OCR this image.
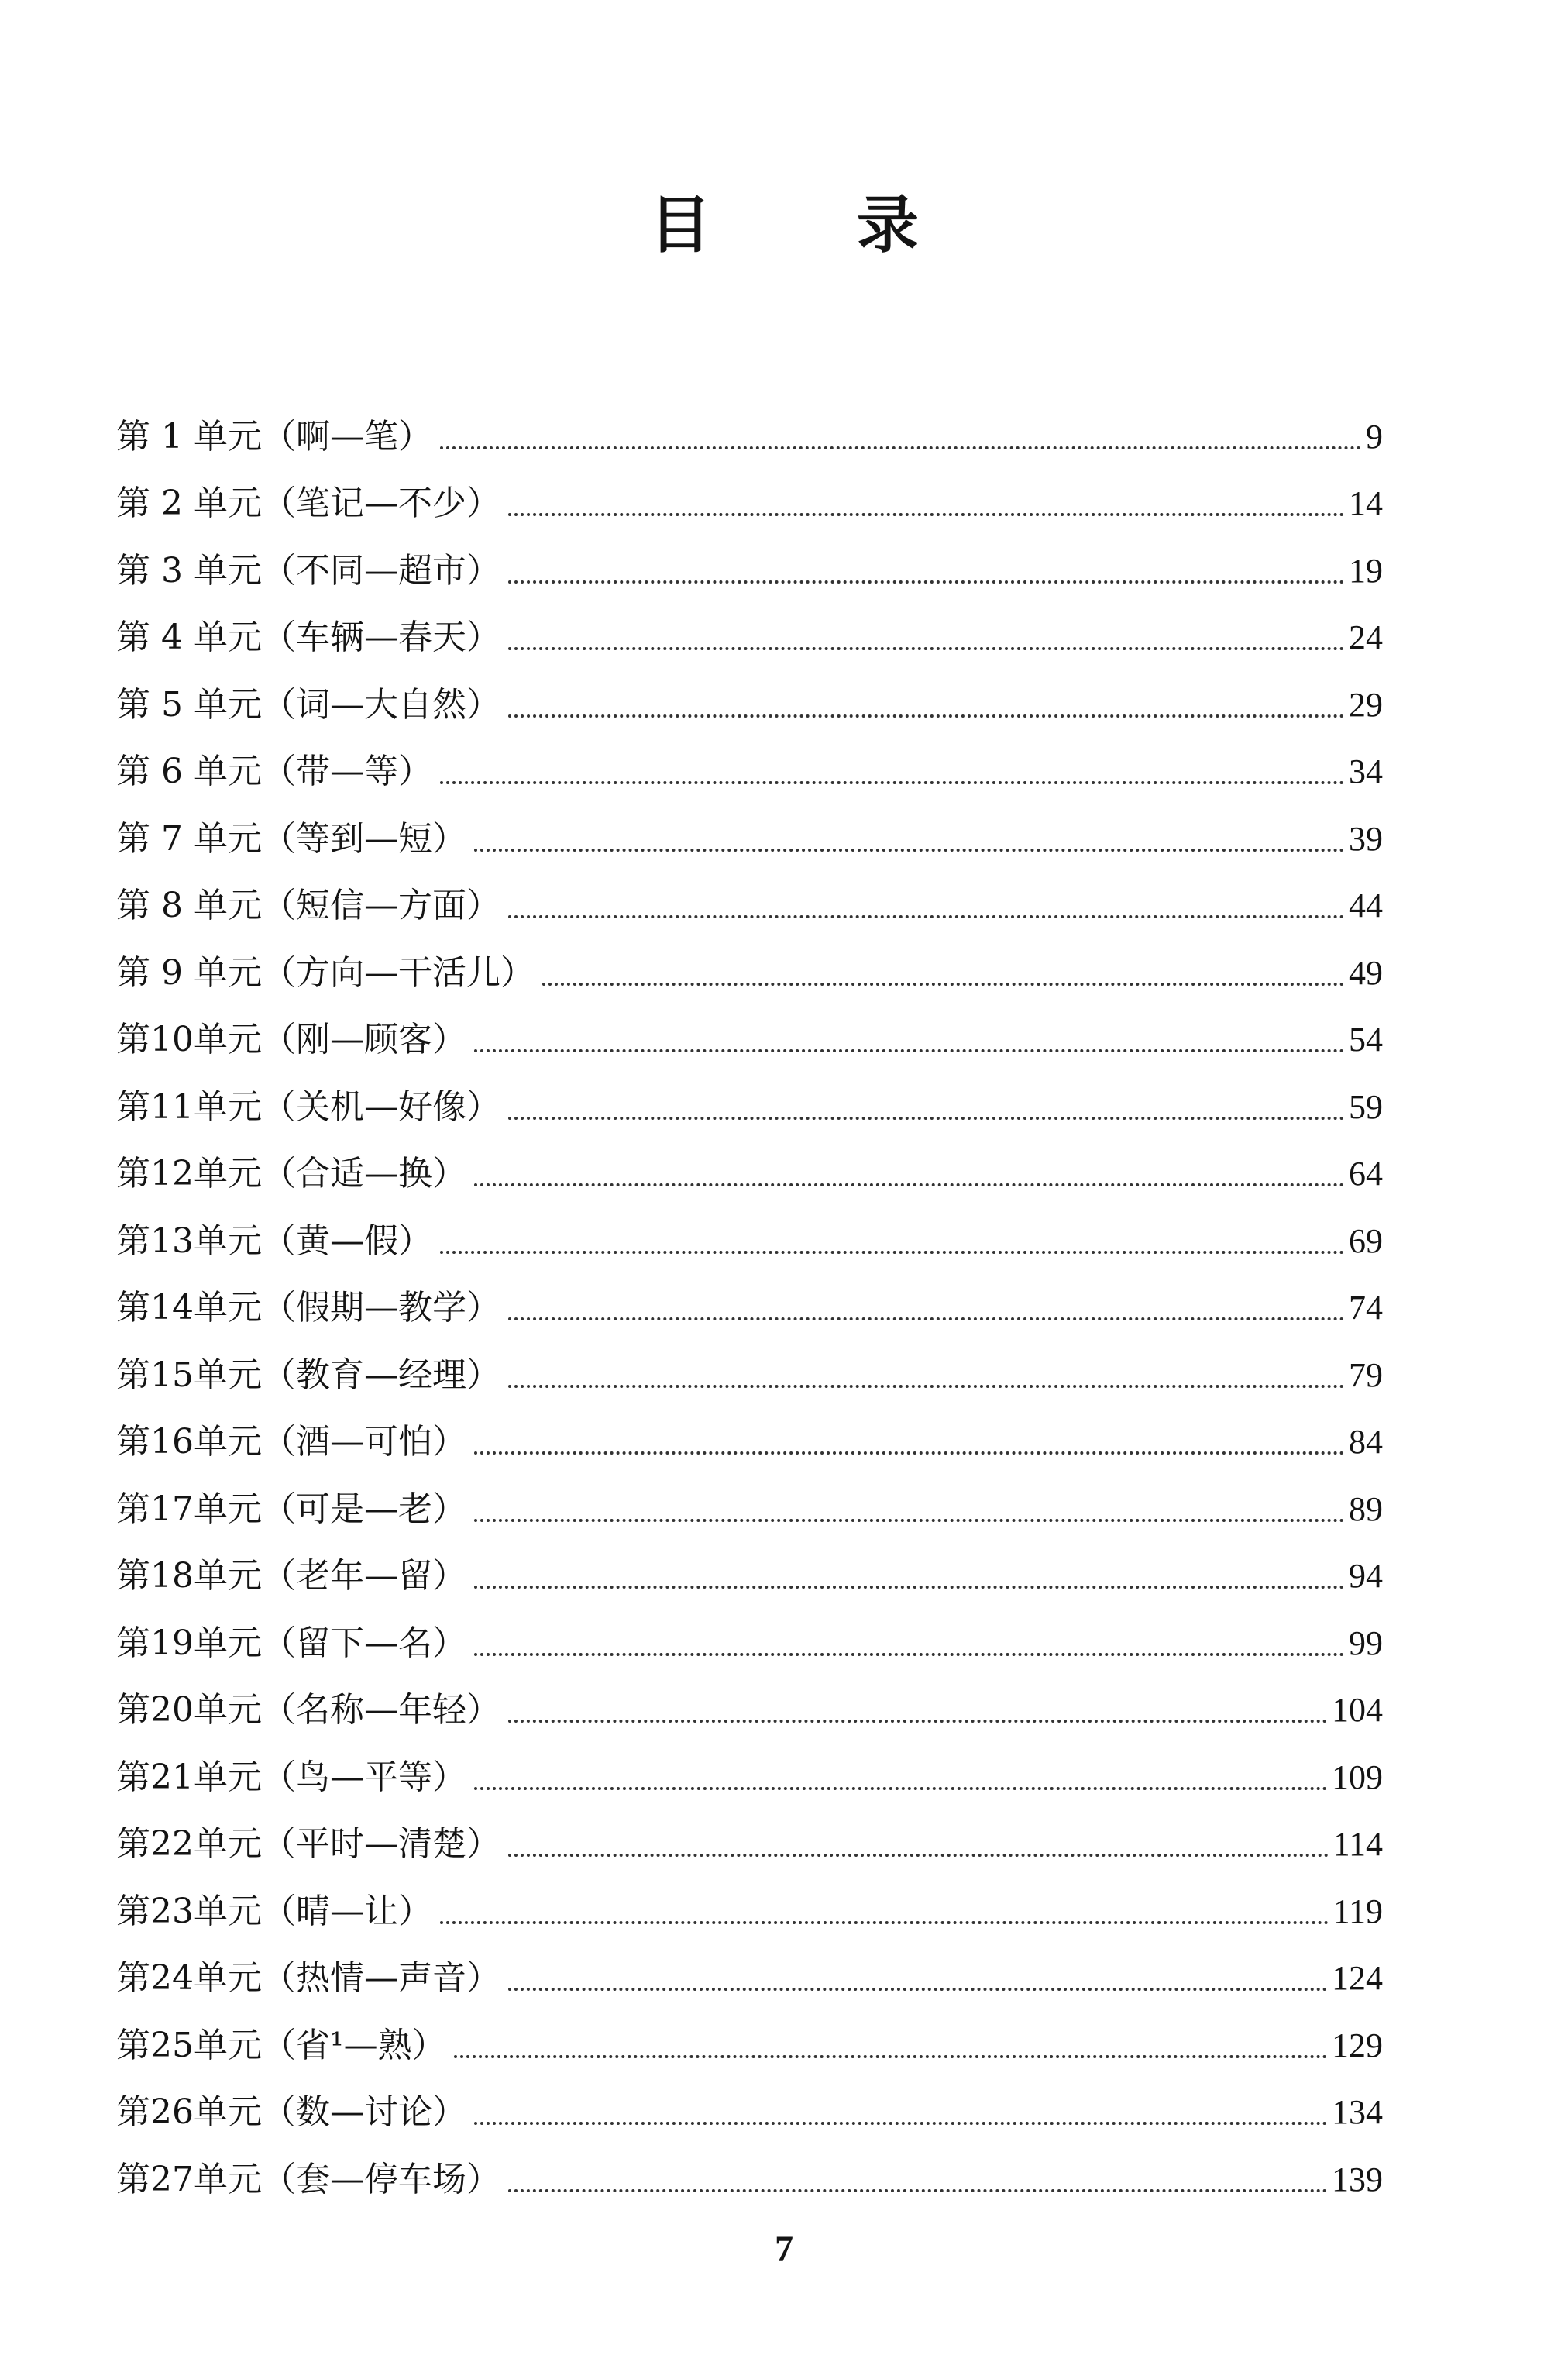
目 录
第 1 单元（啊—笔）	9
第 2 单元（笔记—不少）	14
第 3 单元（不同—超市）	19
第 4 单元（车辆—春天）	24
第 5 单元（词—大自然）	29
第 6 单元（带—等）	34
第 7 单元（等到—短）	39
第 8 单元（短信—方面）	44
第 9 单元（方向—干活儿）	49
第10单元（刚—顾客）	54
第11单元（关机—好像）	59
第12单元（合适—换）	64
第13单元（黄—假）	69
第14单元（假期—教学）	74
第15单元（教育—经理）	79
第16单元（酒—可怕）	84
第17单元（可是—老）	89
第18单元（老年—留）	94
第19单元（留下—名）	99
第20单元（名称—年轻）	104
第21单元（鸟—平等）	109
第22单元（平时—清楚）	114
第23单元（晴—让）	119
第24单元（热情—声音）	124
第25单元（省¹—熟）	129
第26单元（数—讨论）	134
第27单元（套—停车场）	139
7
